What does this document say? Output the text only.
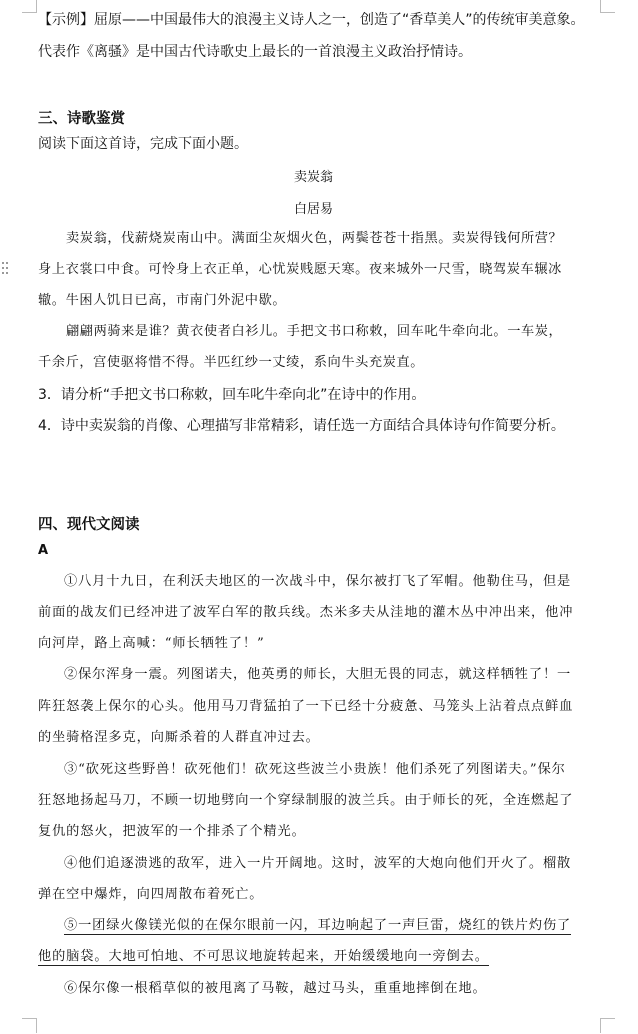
【示例】屈原——中国最伟大的浪漫主义诗人之一，创造了“香草美人”的传统审美意象。
代表作《离骚》是中国古代诗歌史上最长的一首浪漫主义政治抒情诗。
三、诗歌鉴赏
阅读下面这首诗，完成下面小题。
卖炭翁
白居易
卖炭翁，伐薪烧炭南山中。满面尘灰烟火色，两鬓苍苍十指黑。卖炭得钱何所营？
身上衣裳口中食。可怜身上衣正单，心忧炭贱愿天寒。夜来城外一尺雪，晓驾炭车辗冰
辙。牛困人饥日已高，市南门外泥中歇。
翩翩两骑来是谁？黄衣使者白衫儿。手把文书口称敕，回车叱牛牵向北。一车炭，
千余斤，宫使驱将惜不得。半匹红纱一丈绫，系向牛头充炭直。
3．请分析“手把文书口称敕，回车叱牛牵向北”在诗中的作用。
4．诗中卖炭翁的肖像、心理描写非常精彩，请任选一方面结合具体诗句作简要分析。
四、现代文阅读
A
①八月十九日，在利沃夫地区的一次战斗中，保尔被打飞了军帽。他勒住马，但是
前面的战友们已经冲进了波军白军的散兵线。杰米多夫从洼地的灌木丛中冲出来，他冲
向河岸，路上高喊：“师长牺牲了！”
②保尔浑身一震。列图诺夫，他英勇的师长，大胆无畏的同志，就这样牺牲了！一
阵狂怒袭上保尔的心头。他用马刀背猛拍了一下已经十分疲惫、马笼头上沾着点点鲜血
的坐骑格涅多克，向厮杀着的人群直冲过去。
③“砍死这些野兽！砍死他们！砍死这些波兰小贵族！他们杀死了列图诺夫。”保尔
狂怒地扬起马刀，不顾一切地劈向一个穿绿制服的波兰兵。由于师长的死，全连燃起了
复仇的怒火，把波军的一个排杀了个精光。
④他们追逐溃逃的敌军，进入一片开阔地。这时，波军的大炮向他们开火了。榴散
弹在空中爆炸，向四周散布着死亡。
⑤一团绿火像镁光似的在保尔眼前一闪，耳边响起了一声巨雷，烧红的铁片灼伤了
他的脑袋。大地可怕地、不可思议地旋转起来，开始缓缓地向一旁倒去。
⑥保尔像一根稻草似的被甩离了马鞍，越过马头，重重地摔倒在地。
